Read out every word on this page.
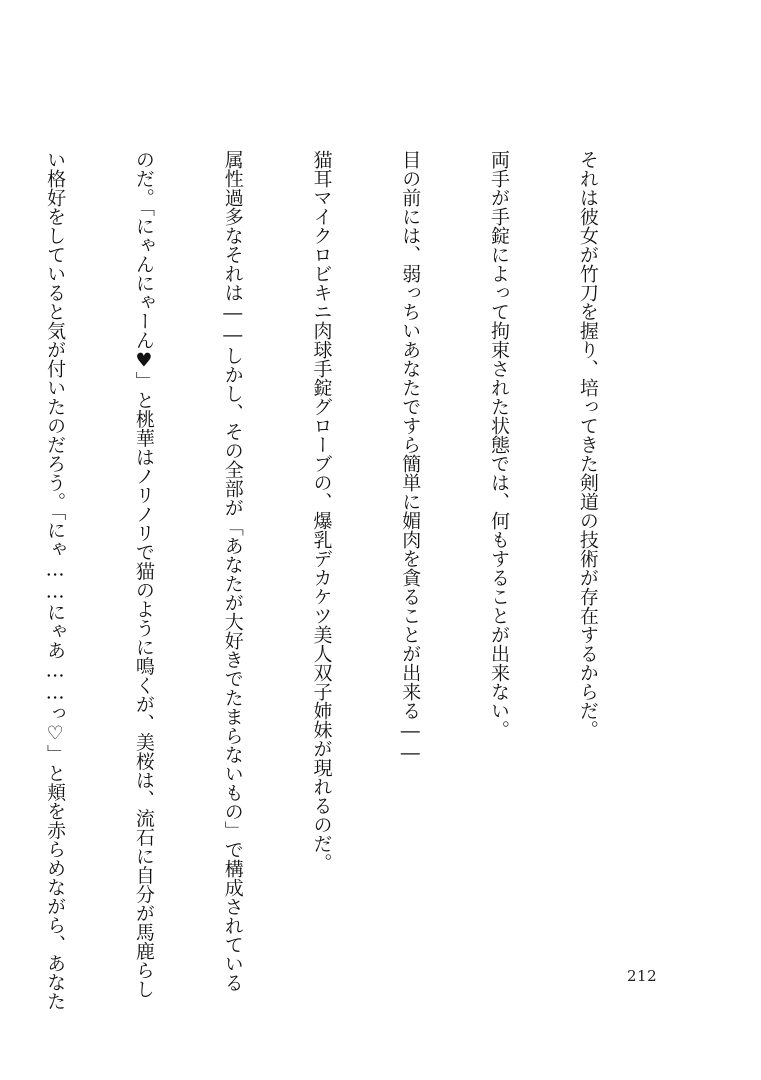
それは彼女が竹刀を握り、培ってきた剣道の技術が存在するからだ。

両手が手錠によって拘束された状態では、何もすることが出来ない。

目の前には、弱っちいあなたですら簡単に媚肉を貪ることが出来る――

猫耳マイクロビキニ肉球手錠グローブの、爆乳デカケツ美人双子姉妹が現れるのだ。

属性過多なそれは――しかし、その全部が「あなたが大好きでたまらないもの」で構成されている

のだ。「にゃんにゃーん♥」と桃華はノリノリで猫のように鳴くが、美桜は、流石に自分が馬鹿らし

い格好をしていると気が付いたのだろう。「にゃ……にゃあ……っ♡」と頬を赤らめながら、あなた

	212
